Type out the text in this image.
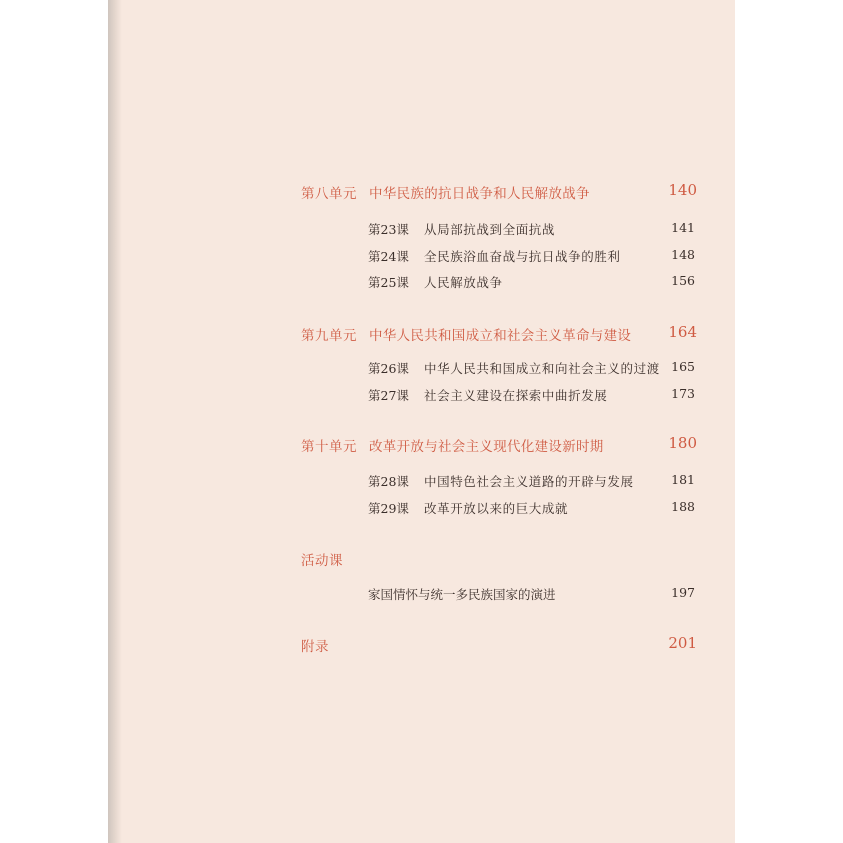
第八单元 中华民族的抗日战争和人民解放战争	140
第23课 从局部抗战到全面抗战	141
第24课 全民族浴血奋战与抗日战争的胜利	148
第25课 人民解放战争	156
第九单元 中华人民共和国成立和社会主义革命与建设 164
第26课 中华人民共和国成立和向社会主义的过渡 165
第27课 社会主义建设在探索中曲折发展	173
第十单元 改革开放与社会主义现代化建设新时期	180
第28课 中国特色社会主义道路的开辟与发展	181
第29课 改革开放以来的巨大成就	188
活动课
家国情怀与统一多民族国家的演进	197
附录	201
